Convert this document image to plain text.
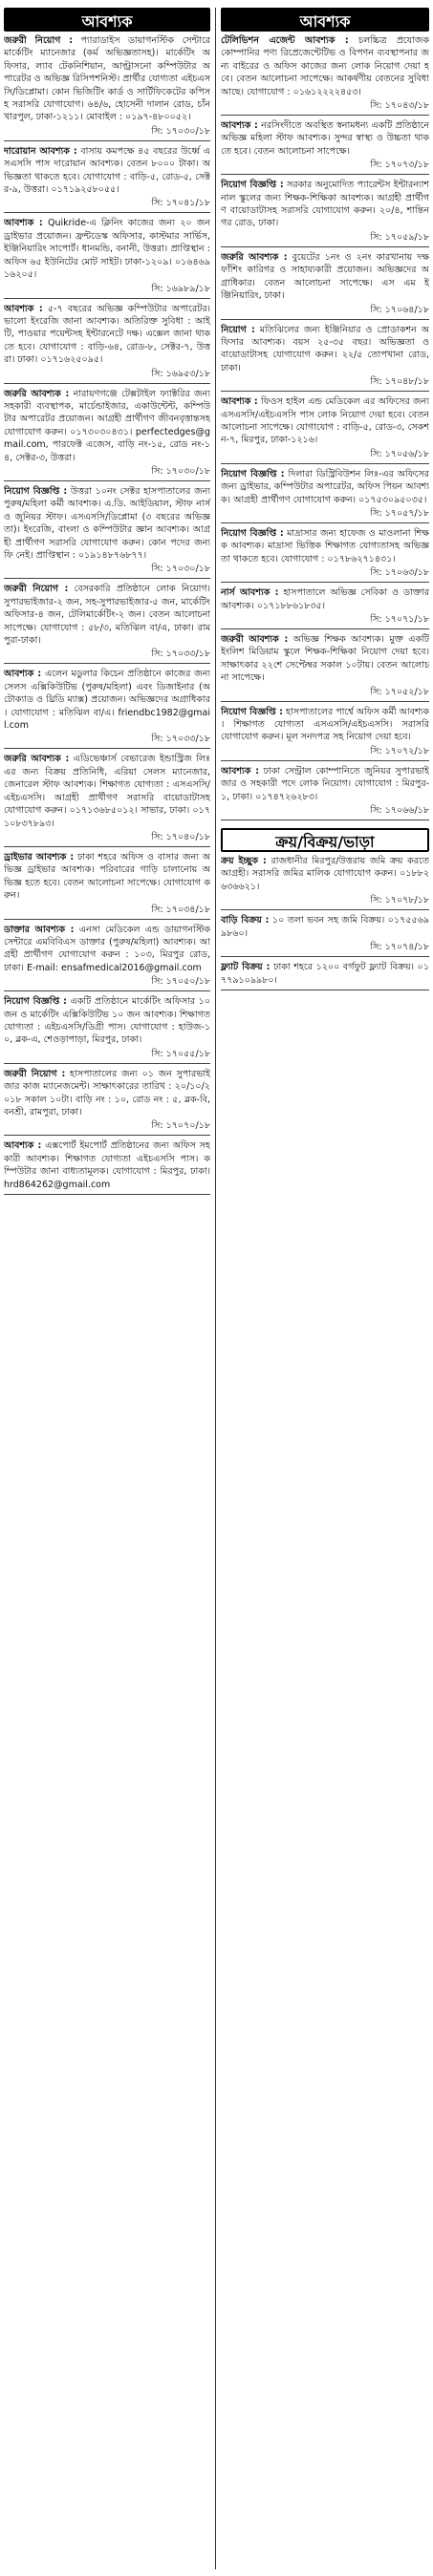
আবশ্যক

জরুরী নিয়োগ : প্যারাডাইস ডায়াগনস্টিক সেন্টারে মার্কেটিং ম্যানেজার (কর্ম অভিজ্ঞতাসহ)। মার্কেটিং অফিসার, ল্যাব টেকনিশিয়ান, আল্ট্রাসনো কম্পিউটার অপারেটর ও অভিজ্ঞ রিসিপশনিস্ট। প্রার্থীর যোগ্যতা এইচএসসি/ডিপ্লোমা। কোন ভিজিটিং কার্ড ও সার্টিফিকেটের কপিসহ সরাসরি যোগাযোগ। ৬৪/৬, হোসেনী দালান রোড, চাঁনখারপুল, ঢাকা-১২১১। মোবাইল : ০১৯৭-৪৮০০৫২।

সি: ১৭০৩০/১৮

দারোয়ান আবশ্যক : বাসায় কমপক্ষে ৪৫ বছরের উর্ধ্বে এসএসসি পাস দারোয়ান আবশ্যক। বেতন ৮০০০ টাকা। অভিজ্ঞতা থাকতে হবে। যোগাযোগ : বাড়ি-৫, রোড-৫, সেক্টর-৯, উত্তরা। ০১৭১৯২৫৮০৫৫।

সি: ১৭০৪১/১৮

আবশ্যক : Quikride-এ ক্লিনিং কাজের জন্য ২০ জন ড্রাইভার প্রয়োজন। ফ্রন্টডেস্ক অফিসার, কাস্টমার সার্ভিস, ইঞ্জিনিয়ারিং সাপোর্ট। ধানমন্ডি, বনানী, উত্তরা। প্রাপ্তিস্থান : অফিস ৬৫ ইউনিটের মোট সাইট। ঢাকা-১২০৯। ০১৬৪৬৯১৬২০৫।

সি: ১৬৯৮৯/১৮

আবশ্যক : ৫-৭ বছরের অভিজ্ঞ কম্পিউটার অপারেটর। ভালো ইংরেজি জানা আবশ্যক। অতিরিক্ত সুবিধা : আইটি, পাওয়ার পয়েন্টসহ ইন্টারনেটে দক্ষ। এক্সেল জানা থাকতে হবে। যোগাযোগ : বাড়ি-৬৪, রোড-৮, সেক্টর-৭, উত্তরা। ঢাকা। ০১৭১৬২৫০৯৫।

সি: ১৬৯৫৩/১৮

জরুরি আবশ্যক : নারায়ণগঞ্জে টেক্সটাইল ফ্যাক্টরির জন্য সহকারী ব্যবস্থাপক, মার্চেন্ডাইজার, একাউন্টেন্ট, কম্পিউটার অপারেটর প্রয়োজন। আগ্রহী প্রার্থীগণ জীবনবৃত্তান্তসহ যোগাযোগ করুন। ০১৭৩০৩০৪৩১। perfectedges@gmail.com, পারফেক্ট এজেস, বাড়ি নং-১৫, রোড নং-১৪, সেক্টর-৩, উত্তরা।

সি: ১৭০৩০/১৮

নিয়োগ বিজ্ঞপ্তি : উত্তরা ১০নং সেক্টর হাসপাতালের জন্য পুরুষ/মহিলা কর্মী আবশ্যক। এ.ডি. আইডিয়াল, স্টাফ নার্স ও জুনিয়র স্টাফ। এসএসসি/ডিপ্লোমা (৩ বছরের অভিজ্ঞতা)। ইংরেজি, বাংলা ও কম্পিউটার জ্ঞান আবশ্যক। আগ্রহী প্রার্থীগণ সরাসরি যোগাযোগ করুন। কোন পদের জন্য ফি নেই। প্রাপ্তিস্থান : ০১৯১৪৮৭৬৮৭৭।

সি: ১৭০৩০/১৮

জরুরী নিয়োগ : বেসরকারি প্রতিষ্ঠানে লোক নিয়োগ। সুপারভাইজার-২ জন, সহ-সুপারভাইজার-৫ জন, মার্কেটিং অফিসার-৪ জন, টেলিমার্কেটিং-২ জন। বেতন আলোচনা সাপেক্ষে। যোগাযোগ : ৫৮/৩, মতিঝিল বা/এ, ঢাকা। রামপুরা-ঢাকা।

সি: ১৭০৩৩/১৮

আবশ্যক : এলেন মডুলার কিচেন প্রতিষ্ঠানে কাজের জন্য সেলস এক্সিকিউটিভ (পুরুষ/মহিলা) এবং ডিজাইনার (অটোক্যাড ও থ্রিডি ম্যাক্স) প্রয়োজন। অভিজ্ঞদের অগ্রাধিকার। যোগাযোগ : মতিঝিল বা/এ। friendbc1982@gmail.com

সি: ১৭০৩৩/১৮

জরুরি আবশ্যক : এডিভেঞ্চার্স বেভারেজ ইন্ডাস্ট্রিজ লিঃ এর জন্য বিক্রয় প্রতিনিধি, এরিয়া সেলস ম্যানেজার, জেনারেল স্টাফ আবশ্যক। শিক্ষাগত যোগ্যতা : এসএসসি/এইচএসসি। আগ্রহী প্রার্থীগণ সরাসরি বায়োডাটাসহ যোগাযোগ করুন। ০১৭১৩৬৮৫০১২। সাভার, ঢাকা। ০১৭১০৮৩৭৮৯৩।

সি: ১৭০৪০/১৮

ড্রাইভার আবশ্যক : ঢাকা শহরে অফিস ও বাসার জন্য অভিজ্ঞ ড্রাইভার আবশ্যক। পরিবারের গাড়ি চালানোয় অভিজ্ঞ হতে হবে। বেতন আলোচনা সাপেক্ষে। যোগাযোগ করুন।

সি: ১৭০৩৪/১৮

ডাক্তার আবশ্যক : এনসা মেডিকেল এন্ড ডায়াগনস্টিক সেন্টারে এমবিবিএস ডাক্তার (পুরুষ/মহিলা) আবশ্যক। আগ্রহী প্রার্থীগণ যোগাযোগ করুন : ১০৩, মিরপুর রোড, ঢাকা। E-mail: ensafmedical2016@gmail.com

সি: ১৭০৫০/১৮

নিয়োগ বিজ্ঞপ্তি : একটি প্রতিষ্ঠানে মার্কেটিং অফিসার ১০ জন ও মার্কেটিং এক্সিকিউটিভ ১০ জন আবশ্যক। শিক্ষাগত যোগ্যতা : এইচএসসি/ডিগ্রী পাস। যোগাযোগ : হাউজ-১০, ব্লক-এ, শেওড়াপাড়া, মিরপুর, ঢাকা।

সি: ১৭০৫৫/১৮

জরুরী নিয়োগ : হাসপাতালের জন্য ০১ জন সুপারভাইজার কাজ ম্যানেজমেন্ট। সাক্ষাৎকারের তারিখ : ২০/১০/২০১৮ সকাল ১০টা। বাড়ি নং : ১০, রোড নং : ৫, ব্লক-বি, বনশ্রী, রামপুরা, ঢাকা।

সি: ১৭০৭০/১৮

আবশ্যক : এক্সপোর্ট ইমপোর্ট প্রতিষ্ঠানের জন্য অফিস সহকারী আবশ্যক। শিক্ষাগত যোগ্যতা এইচএসসি পাস। কম্পিউটার জানা বাধ্যতামূলক। যোগাযোগ : মিরপুর, ঢাকা। hrd864262@gmail.com

আবশ্যক

টেলিভিশন এজেন্ট আবশ্যক : চলচ্চিত্র প্রযোজক কোম্পানির পণ্য রিপ্রেজেন্টেটিভ ও বিপণন ব্যবস্থাপনার জন্য বাইরের ও অফিস কাজের জন্য লোক নিয়োগ দেয়া হবে। বেতন আলোচনা সাপেক্ষে। আকর্ষণীয় বেতনের সুবিধা আছে। যোগাযোগ : ০১৬১২২২২৪৫৩।

সি: ১৭০৪৩/১৮

আবশ্যক : নরসিংদীতে অবস্থিত স্বনামধন্য একটি প্রতিষ্ঠানে অভিজ্ঞ মহিলা স্টাফ আবশ্যক। সুন্দর স্বাস্থ্য ও উচ্চতা থাকতে হবে। বেতন আলোচনা সাপেক্ষে।

সি: ১৭০৭৩/১৮

নিয়োগ বিজ্ঞপ্তি : সরকার অনুমোদিত প্যারেন্টস ইন্টারন্যাশনাল স্কুলের জন্য শিক্ষক-শিক্ষিকা আবশ্যক। আগ্রহী প্রার্থীগণ বায়োডাটাসহ সরাসরি যোগাযোগ করুন। ২০/৪, শান্তিনগর রোড, ঢাকা।

সি: ১৭০৫৯/১৮

জরুরি আবশ্যক : বুয়েটের ১নং ও ২নং কারখানায় দক্ষ ফাঁশিং কারিগর ও সাহায্যকারী প্রয়োজন। অভিজ্ঞদের অগ্রাধিকার। বেতন আলোচনা সাপেক্ষে। এস এম ইঞ্জিনিয়ারিং, ঢাকা।

সি: ১৭০৬৪/১৮

নিয়োগ : মতিঝিলের জন্য ইঞ্জিনিয়ার ও প্রোডাকশন অফিসার আবশ্যক। বয়স ২৫-৩৫ বছর। অভিজ্ঞতা ও বায়োডাটাসহ যোগাযোগ করুন। ২২/৫ তোপখানা রোড, ঢাকা।

সি: ১৭০৪৮/১৮

আবশ্যক : ফিওস হাইল এন্ড মেডিকেল এর অফিসের জন্য এসএসসি/এইচএসসি পাস লোক নিয়োগ দেয়া হবে। বেতন আলোচনা সাপেক্ষে। যোগাযোগ : বাড়ি-৫, রোড-৩, সেকশন-৭, মিরপুর, ঢাকা-১২১৬।

সি: ১৭০৫৬/১৮

নিয়োগ বিজ্ঞপ্তি : দিলারা ডিস্ট্রিবিউশন লিঃ-এর অফিসের জন্য ড্রাইভার, কম্পিউটার অপারেটর, অফিস পিয়ন আবশ্যক। আগ্রহী প্রার্থীগণ যোগাযোগ করুন। ০১৭৫৩০৯৫০৩৫।

সি: ১৭০৫৭/১৮

নিয়োগ বিজ্ঞপ্তি : মাদ্রাসার জন্য হাফেজ ও মাওলানা শিক্ষক আবশ্যক। মাদ্রাসা ভিত্তিক শিক্ষাগত যোগ্যতাসহ অভিজ্ঞতা থাকতে হবে। যোগাযোগ : ০১৭৮৬২৭১৪৩১।

সি: ১৭০৬৩/১৮

নার্স আবশ্যক : হাসপাতালে অভিজ্ঞ সেবিকা ও ডাক্তার আবশ্যক। ০১৭১৮৮৬১৮৩৫।

সি: ১৭০৭১/১৮

জরুরী আবশ্যক : অভিজ্ঞ শিক্ষক আবশ্যক। মুক্ত একটি ইংলিশ মিডিয়াম স্কুলে শিক্ষক-শিক্ষিকা নিয়োগ দেয়া হবে। সাক্ষাৎকার ২২শে সেপ্টেম্বর সকাল ১০টায়। বেতন আলোচনা সাপেক্ষে।

সি: ১৭০৫২/১৮

নিয়োগ বিজ্ঞপ্তি : হাসপাতালের পার্শ্বে অফিস কর্মী আবশ্যক। শিক্ষাগত যোগ্যতা এসএসসি/এইচএসসি। সরাসরি যোগাযোগ করুন। মূল সনদপত্র সহ নিয়োগ দেয়া হবে।

সি: ১৭০৭২/১৮

আবশ্যক : ঢাকা সেন্ট্রাল কোম্পানিতে জুনিয়র সুপারভাইজার ও সহকারী পদে লোক নিয়োগ। যোগাযোগ : মিরপুর-১, ঢাকা। ০১৭৪৭২৬২৮৩।

সি: ১৭০৬৬/১৮
ক্রয়/বিক্রয়/ভাড়া

ক্রয় ইচ্ছুক : রাজধানীর মিরপুর/উত্তরায় জমি ক্রয় করতে আগ্রহী। সরাসরি জমির মালিক যোগাযোগ করুন। ০১৮৮২৬৩৬৬২১।

সি: ১৭০৭৮/১৮

বাড়ি বিক্রয় : ১০ তলা ভবন সহ জমি বিক্রয়। ০১৭৫৫৬৯৯৮৬০।

সি: ১৭০৭৪/১৮

ফ্ল্যাট বিক্রয় : ঢাকা শহরে ১২০০ বর্গফুট ফ্ল্যাট বিক্রয়। ০১৭৭৯১০৯৯৮০।
